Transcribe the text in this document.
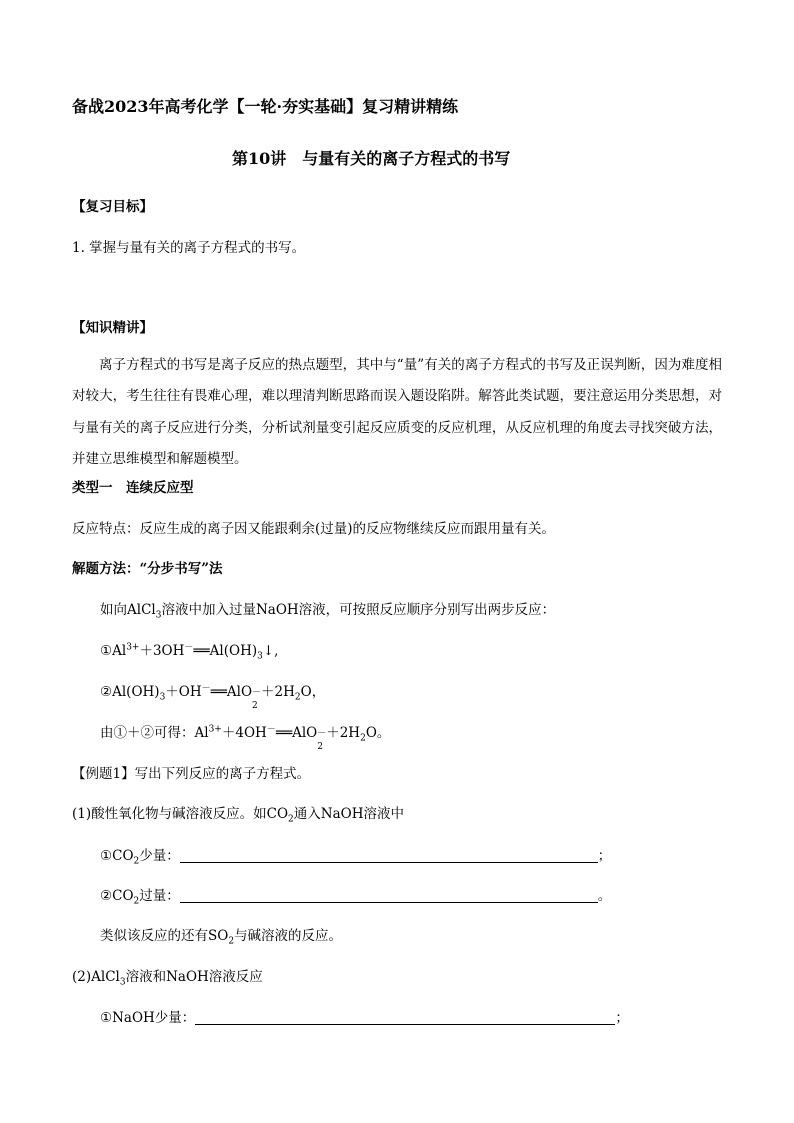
备战2023年高考化学【一轮·夯实基础】复习精讲精练
第10讲　与量有关的离子方程式的书写
【复习目标】
1. 掌握与量有关的离子方程式的书写。
【知识精讲】
离子方程式的书写是离子反应的热点题型，其中与“量”有关的离子方程式的书写及正误判断，因为难度相对较大，考生往往有畏难心理，难以理清判断思路而误入题设陷阱。解答此类试题，要注意运用分类思想，对与量有关的离子反应进行分类，分析试剂量变引起反应质变的反应机理，从反应机理的角度去寻找突破方法，并建立思维模型和解题模型。
类型一　连续反应型
反应特点：反应生成的离子因又能跟剩余(过量)的反应物继续反应而跟用量有关。
解题方法：“分步书写”法
如向AlCl$_3$溶液中加入过量NaOH溶液，可按照反应顺序分别写出两步反应：
$①Al^{3+}+3OH^-══Al(OH)_3↓$,
$②Al(OH)_3+OH^-══AlO$ －
2
$+2H_2O$，
由①＋②可得：$Al^{3+}+4OH^-══AlO$ －
2
$+2H_2O$。
【例题1】写出下列反应的离子方程式。
(1)酸性氧化物与碱溶液反应。如$CO_2$通入NaOH溶液中
$①CO_2$少量：	；
$②CO_2$过量：	。
类似该反应的还有$SO_2$与碱溶液的反应。
(2)AlCl$_3$溶液和NaOH溶液反应
①NaOH少量：	；
